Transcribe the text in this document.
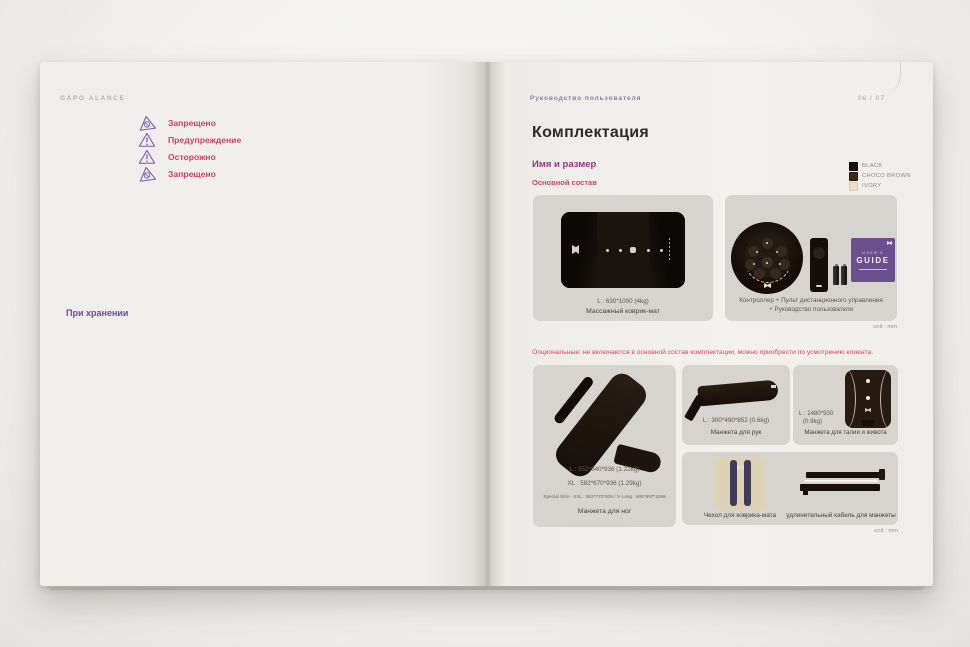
GAPO ALANCE
При хранении
Запрещено
Предупреждение
Осторожно
Запрещено
Руководство пользователя	06 / 07
Комплектация
Имя и размер
Основной состав
BLACK
CHOCO BROWN
IVORY
L : 630*1000 (4kg)
Массажный коврик-мат
USER'S
GUIDE
Контроллер + Пульт дистанционного управления
+ Руководство пользователя
unit : mm
Опциональные: не включаются в основной состав комплектации, можно приобрести по усмотрению клиента.
L : 552*640*936 (1.22kg)
XL : 582*670*936 (1.29kg)
Special Size - XXL : 552*770*936 / X-Long : 606*697*1069
Манжета для ног
L : 300*490*852 (0.6kg)
Манжета для рук
L : 1480*500
(0.9kg)
Манжета для талии и живота
Чехол для коврика-мата	удлинительный кабель для манжеты
unit : mm
